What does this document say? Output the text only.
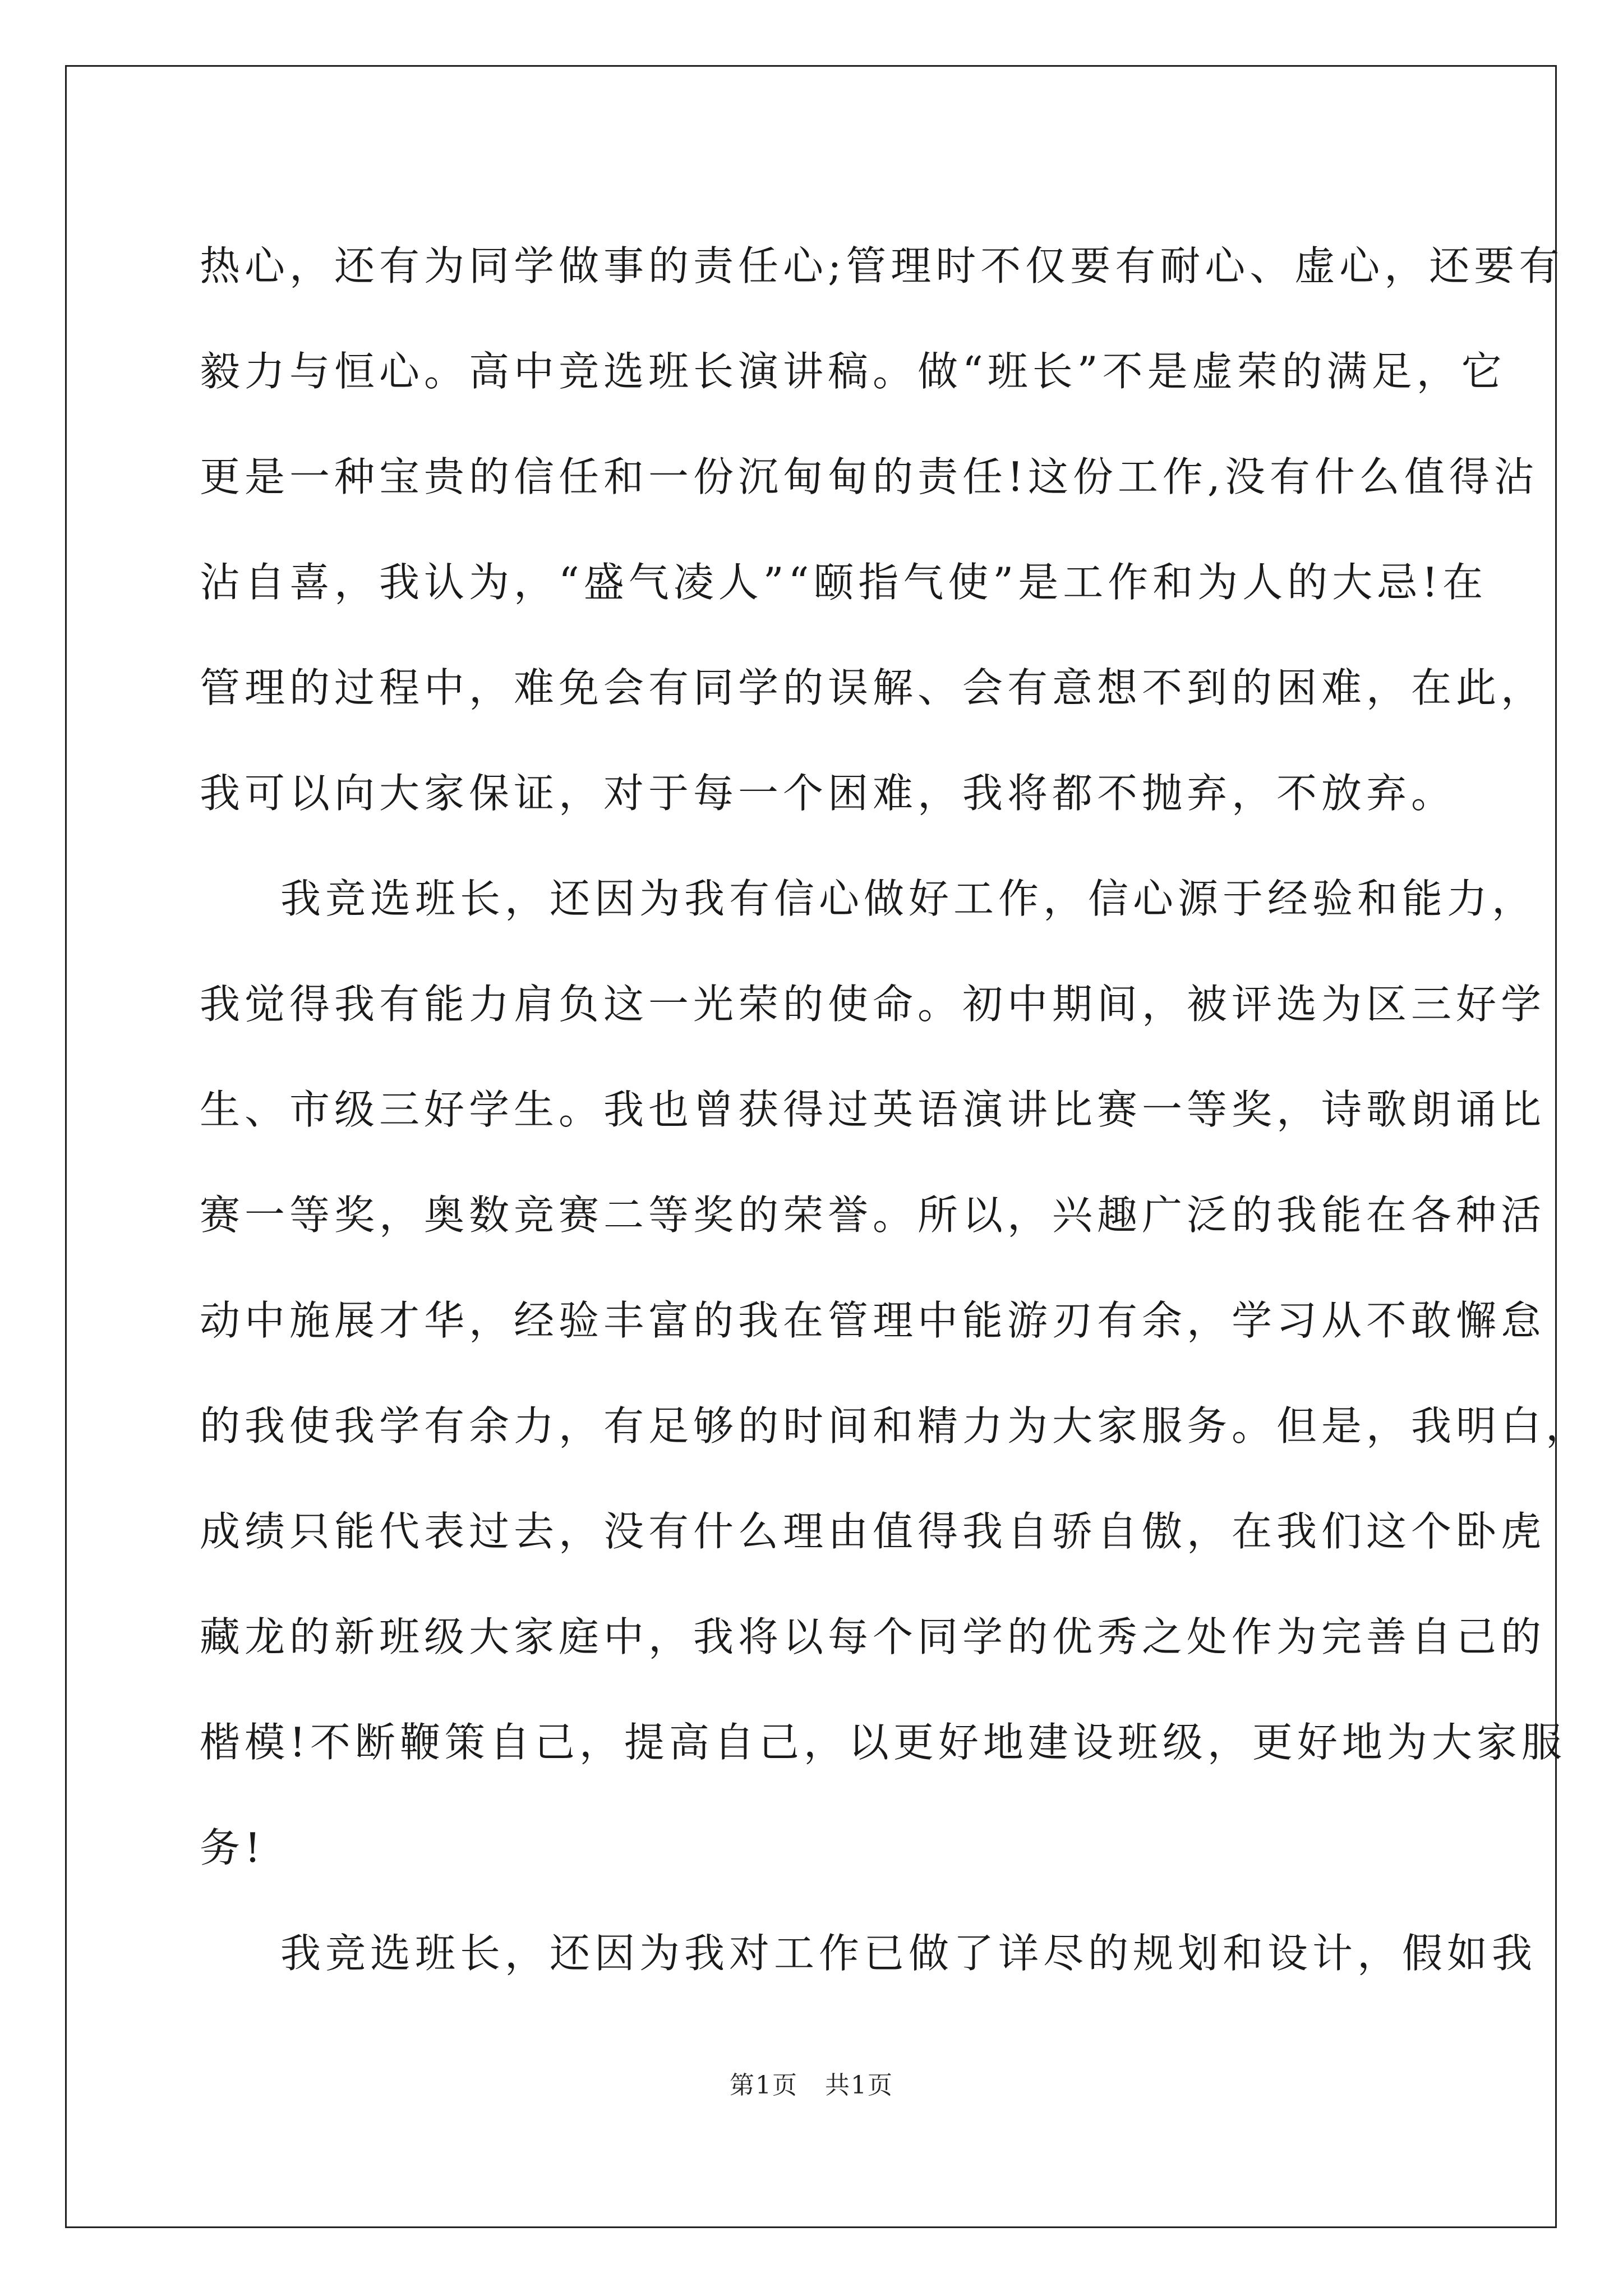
热心，还有为同学做事的责任心;管理时不仅要有耐心、虚心，还要有
毅力与恒心。高中竞选班长演讲稿。做“班长”不是虚荣的满足，它
更是一种宝贵的信任和一份沉甸甸的责任!这份工作,没有什么值得沾
沾自喜，我认为，“盛气凌人”“颐指气使”是工作和为人的大忌!在
管理的过程中，难免会有同学的误解、会有意想不到的困难，在此，
我可以向大家保证，对于每一个困难，我将都不抛弃，不放弃。
我竞选班长，还因为我有信心做好工作，信心源于经验和能力，
我觉得我有能力肩负这一光荣的使命。初中期间，被评选为区三好学
生、市级三好学生。我也曾获得过英语演讲比赛一等奖，诗歌朗诵比
赛一等奖，奥数竞赛二等奖的荣誉。所以，兴趣广泛的我能在各种活
动中施展才华，经验丰富的我在管理中能游刃有余，学习从不敢懈怠
的我使我学有余力，有足够的时间和精力为大家服务。但是，我明白，
成绩只能代表过去，没有什么理由值得我自骄自傲，在我们这个卧虎
藏龙的新班级大家庭中，我将以每个同学的优秀之处作为完善自己的
楷模!不断鞭策自己，提高自己，以更好地建设班级，更好地为大家服
务!
我竞选班长，还因为我对工作已做了详尽的规划和设计，假如我
第1页 共1页
